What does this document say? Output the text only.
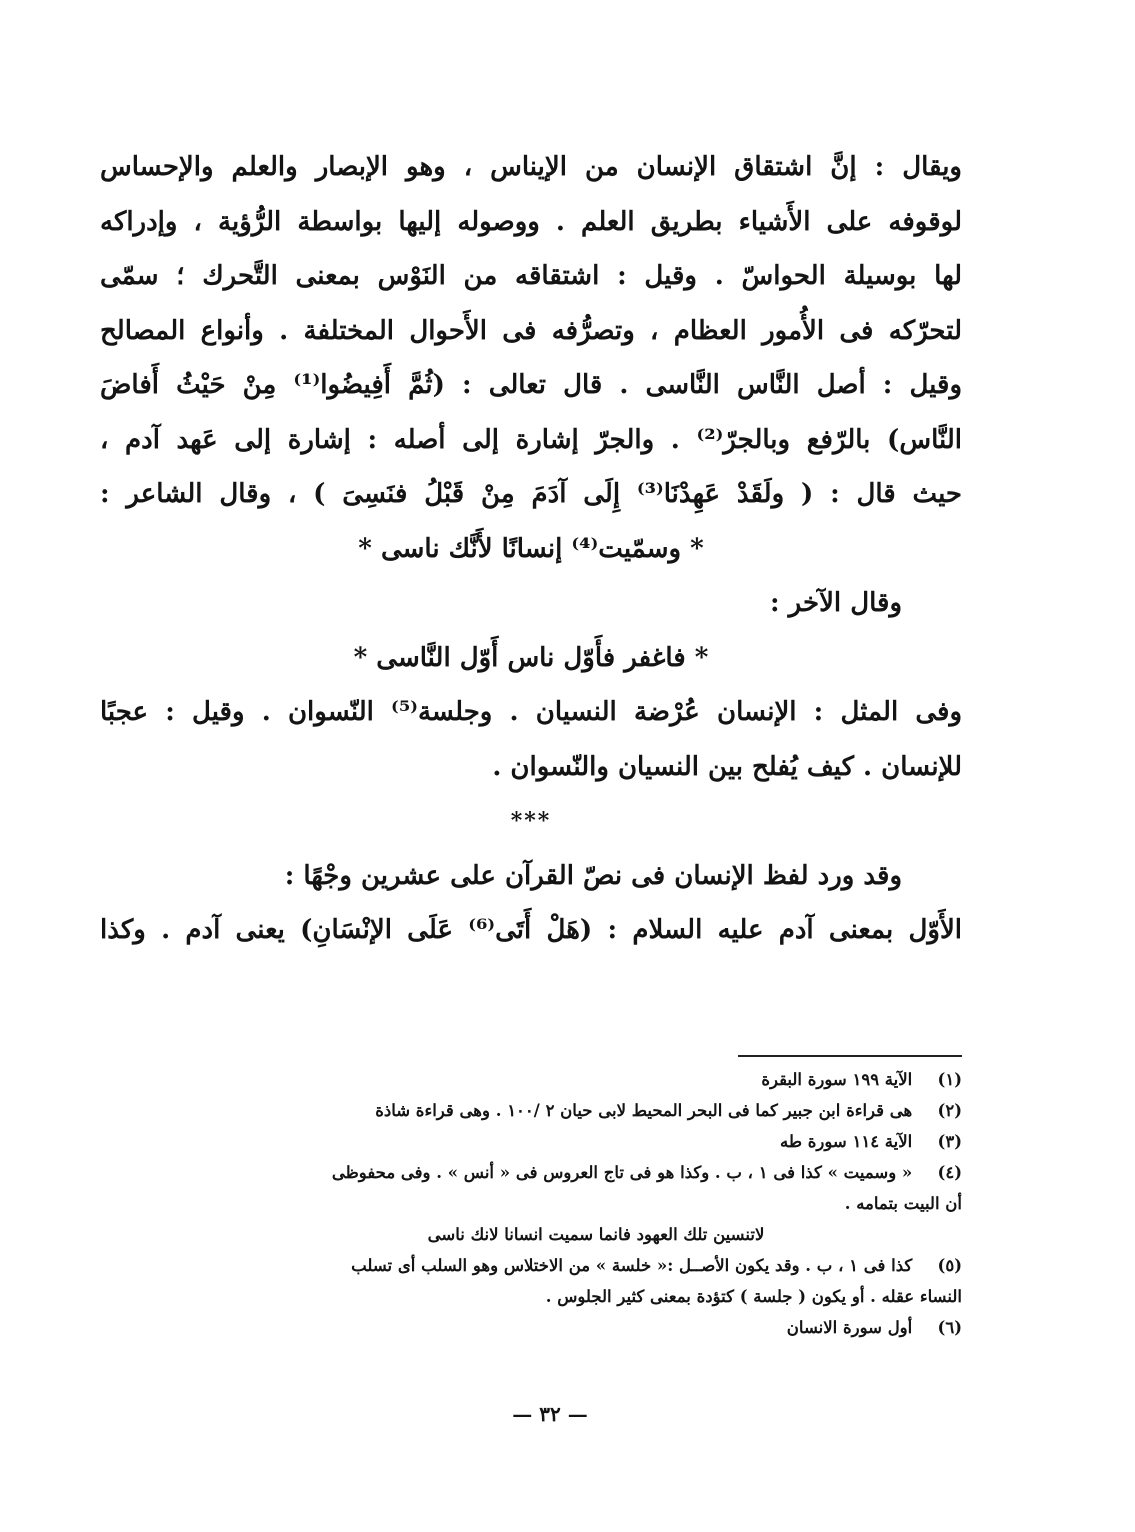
ويقال : إنَّ اشتقاق الإنسان من الإيناس ، وهو الإبصار والعلم والإحساس
لوقوفه على الأَشياء بطريق العلم . ووصوله إليها بواسطة الرُّؤية ، وإدراكه
لها بوسيلة الحواسّ . وقيل : اشتقاقه من النَوْس بمعنى التَّحرك ؛ سمّى
لتحرّكه فى الأُمور العظام ، وتصرُّفه فى الأَحوال المختلفة . وأنواع المصالح
وقيل : أصل النَّاس النَّاسى . قال تعالى : (ثُمَّ أَفِيضُوا⁽¹⁾ مِنْ حَيْثُ أَفاضَ
النَّاس) بالرّفع وبالجرّ⁽²⁾ . والجرّ إشارة إلى أصله : إشارة إلى عَهد آدم ،
حيث قال : ( ولَقَدْ عَهِدْنَا⁽³⁾ إِلَى آدَمَ مِنْ قَبْلُ فنَسِىَ ) ، وقال الشاعر :
* وسمّيت⁽⁴⁾ إنسانًا لأَنَّك ناسى *
وقال الآخر :
* فاغفر فأَوّل ناس أَوّل النَّاسى *
وفى المثل : الإنسان عُرْضة النسيان . وجلسة⁽⁵⁾ النّسوان . وقيل : عجبًا
للإنسان . كيف يُفلح بين النسيان والنّسوان .
***
وقد ورد لفظ الإنسان فى نصّ القرآن على عشرين وجْهًا :
الأَوّل بمعنى آدم عليه السلام : (هَلْ أَتَى⁽⁶⁾ عَلَى الإنْسَانِ) يعنى آدم . وكذا
(١) الآية ١٩٩ سورة البقرة
(٢) هى قراءة ابن جبير كما فى البحر المحيط لابى حيان ٢ /١٠٠ . وهى قراءة شاذة
(٣) الآية ١١٤ سورة طه
(٤) « وسميت » كذا فى ١ ، ب . وكذا هو فى تاج العروس فى « أنس » . وفى محفوظى
أن البيت بتمامه .
لاتنسين تلك العهود فانما سميت انسانا لانك ناسى
(٥) كذا فى ١ ، ب . وقد يكون الأصــل :« خلسة » من الاختلاس وهو السلب أى تسلب
النساء عقله . أو يكون ( جلسة ) كتؤدة بمعنى كثير الجلوس .
(٦) أول سورة الانسان
— ٣٢ —
